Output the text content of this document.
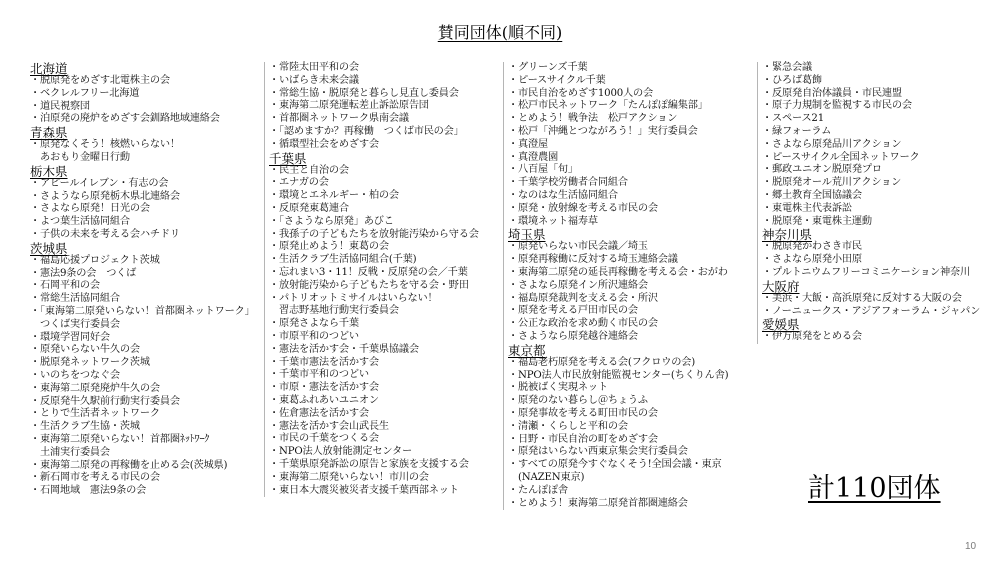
賛同団体(順不同)
北海道
・脱原発をめざす北電株主の会
・ベクレルフリー北海道
・道民視察団
・泊原発の廃炉をめざす会釧路地域連絡会
青森県
・原発なくそう！核燃いらない！
あおもり金曜日行動
栃木県
・アピールイレブン・有志の会
・さようなら原発栃木県北連絡会
・さよなら原発！日光の会
・よつ葉生活協同組合
・子供の未来を考える会ハチドリ
茨城県
・福島応援プロジェクト茨城
・憲法9条の会　つくば
・石岡平和の会
・常総生活協同組合
・「東海第二原発いらない！首都圏ネットワーク」
つくば実行委員会
・環境学習同好会
・原発いらない牛久の会
・脱原発ネットワーク茨城
・いのちをつなぐ会
・東海第二原発廃炉牛久の会
・反原発牛久駅前行動実行委員会
・とりで生活者ネットワーク
・生活クラブ生協・茨城
・東海第二原発いらない！首都圏ﾈｯﾄﾜｰｸ
土浦実行委員会
・東海第二原発の再稼働を止める会(茨城県)
・新石岡市を考える市民の会
・石岡地域　憲法9条の会
・常陸太田平和の会
・いばらき未来会議
・常総生協・脱原発と暮らし見直し委員会
・東海第二原発運転差止訴訟原告団
・首都圏ネットワーク県南会議
・「認めますか？再稼働　つくば市民の会」
・循環型社会をめざす会
千葉県
・民主と自治の会
・エナガの会
・環境とエネルギー・柏の会
・反原発東葛連合
・「さようなら原発」あびこ
・我孫子の子どもたちを放射能汚染から守る会
・原発止めよう！東葛の会
・生活クラブ生活協同組合(千葉)
・忘れまい3・11！反戦・反原発の会／千葉
・放射能汚染から子どもたちを守る会・野田
・パトリオットミサイルはいらない！
習志野基地行動実行委員会
・原発さよなら千葉
・市原平和のつどい
・憲法を活かす会・千葉県協議会
・千葉市憲法を活かす会
・千葉市平和のつどい
・市原・憲法を活かす会
・東葛ふれあいユニオン
・佐倉憲法を活かす会
・憲法を活かす会山武長生
・市民の千葉をつくる会
・NPO法人放射能測定センター
・千葉県原発訴訟の原告と家族を支援する会
・東海第二原発いらない！市川の会
・東日本大震災被災者支援千葉西部ネット
・グリーンズ千葉
・ピースサイクル千葉
・市民自治をめざす1000人の会
・松戸市民ネットワーク「たんぽぽ編集部」
・とめよう！戦争法　松戸アクション
・松戸「沖縄とつながろう！」実行委員会
・真澄屋
・真澄農園
・八百屋「旬」
・千葉学校労働者合同組合
・なのはな生活協同組合
・原発・放射線を考える市民の会
・環境ネット福寿草
埼玉県
・原発いらない市民会議／埼玉
・原発再稼働に反対する埼玉連絡会議
・東海第二原発の延長再稼働を考える会・おがわ
・さよなら原発イン所沢連絡会
・福島原発裁判を支える会・所沢
・原発を考える戸田市民の会
・公正な政治を求め動く市民の会
・さようなら原発越谷連絡会
東京都
・福島老朽原発を考える会(フクロウの会)
・NPO法人市民放射能監視センター(ちくりん舎)
・脱被ばく実現ネット
・原発のない暮らし＠ちょうふ
・原発事故を考える町田市民の会
・清瀬・くらしと平和の会
・日野・市民自治の町をめざす会
・原発はいらない西東京集会実行委員会
・すべての原発今すぐなくそう!全国会議・東京
(NAZEN東京)
・たんぽぽ舎
・とめよう！東海第二原発首都圏連絡会
・緊急会議
・ひろば葛飾
・反原発自治体議員・市民連盟
・原子力規制を監視する市民の会
・スペース21
・緑フォーラム
・さよなら原発品川アクション
・ピースサイクル全国ネットワーク
・郵政ユニオン脱原発プロ
・脱原発オール荒川アクション
・郷土教育全国協議会
・東電株主代表訴訟
・脱原発・東電株主運動
神奈川県
・脱原発かわさき市民
・さよなら原発小田原
・プルトニウムフリーコミニケーション神奈川
大阪府
・美浜・大飯・高浜原発に反対する大阪の会
・ノーニュークス・アジアフォーラム・ジャパン
愛媛県
・伊方原発をとめる会
計110団体
10
